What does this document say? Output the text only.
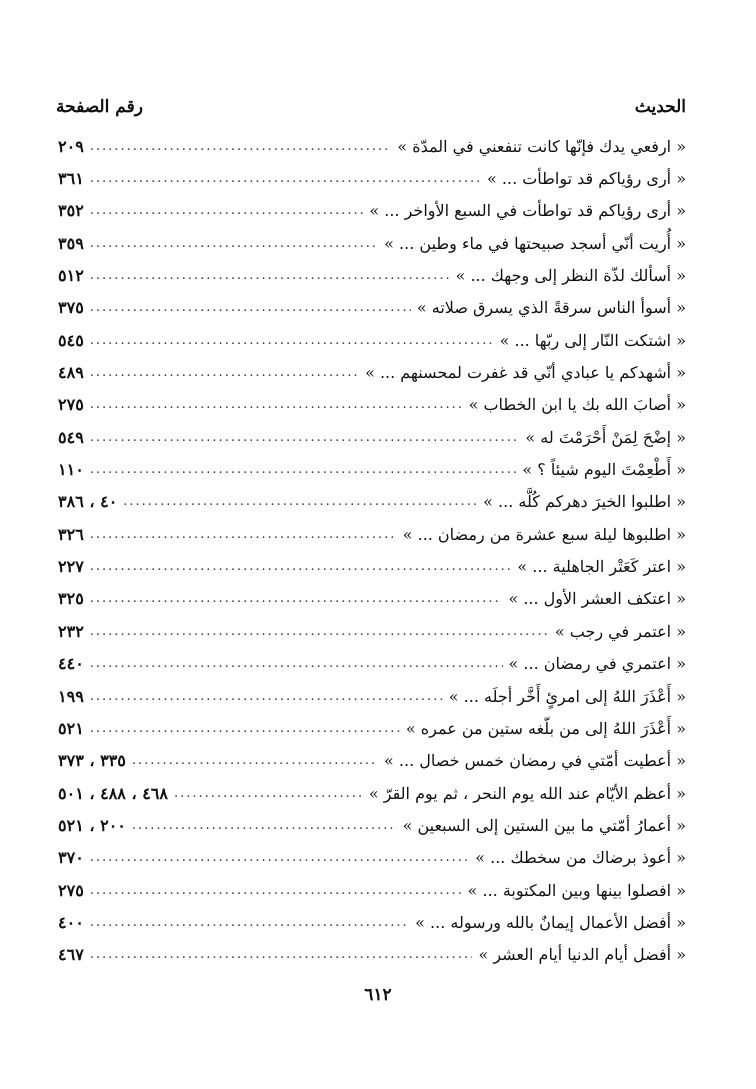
الحديث
رقم الصفحة
« ارفعي يدك فإنّها كانت تنفعني في المدّة »
.....
٢٠٩
« أرى رؤياكم قد تواطأت ... »
.....
٣٦١
« أرى رؤياكم قد تواطأت في السبع الأواخر ... »
.....
٣٥٢
« أُريت أنّي أسجد صبيحتها في ماء وطين ... »
.....
٣٥٩
« أسألك لذّة النظر إلى وجهك ... »
.....
٥١٢
« أسوأ الناس سرقةً الذي يسرق صلاته »
.....
٣٧٥
« اشتكت النّار إلى ربّها ... »
.....
٥٤٥
« أشهدكم يا عبادي أنّي قد غفرت لمحسنهم ... »
.....
٤٨٩
« أصابَ الله بك يا ابن الخطاب »
.....
٢٧٥
« إضْحَ لِمَنْ أَحْرَمْتَ له »
.....
٥٤٩
« أَطْعِمْتَ اليوم شيئاً ؟ »
.....
١١٠
« اطلبوا الخيرَ دهركم كُلَّه ... »
.....
٤٠ ، ٣٨٦
« اطلبوها ليلة سبع عشرة من رمضان ... »
.....
٣٢٦
« اعتر كَعَتْر الجاهلية ... »
.....
٢٢٧
« اعتكف العشر الأول ... »
.....
٣٢٥
« اعتمر في رجب »
.....
٢٣٢
« اعتمري في رمضان ... »
.....
٤٤٠
« أَعْذَرَ اللهُ إلى امرئٍ أَخَّر أجلَه ... »
.....
١٩٩
« أَعْذَرَ اللهُ إلى من بلّغه ستين من عمره »
.....
٥٢١
« أعطيت أمّتي في رمضان خمس خصال ... »
.....
٣٣٥ ، ٣٧٣
« أعظم الأيّام عند الله يوم النحر ، ثم يوم القرّ »
.....
٤٦٨ ، ٤٨٨ ، ٥٠١
« أعمارُ أمّتي ما بين الستين إلى السبعين »
.....
٢٠٠ ، ٥٢١
« أعوذ برضاك من سخطك ... »
.....
٣٧٠
« افصلوا بينها وبين المكتوبة ... »
.....
٢٧٥
« أفضل الأعمال إيمانٌ بالله ورسوله ... »
.....
٤٠٠
« أفضل أيام الدنيا أيام العشر »
.....
٤٦٧
٦١٢
